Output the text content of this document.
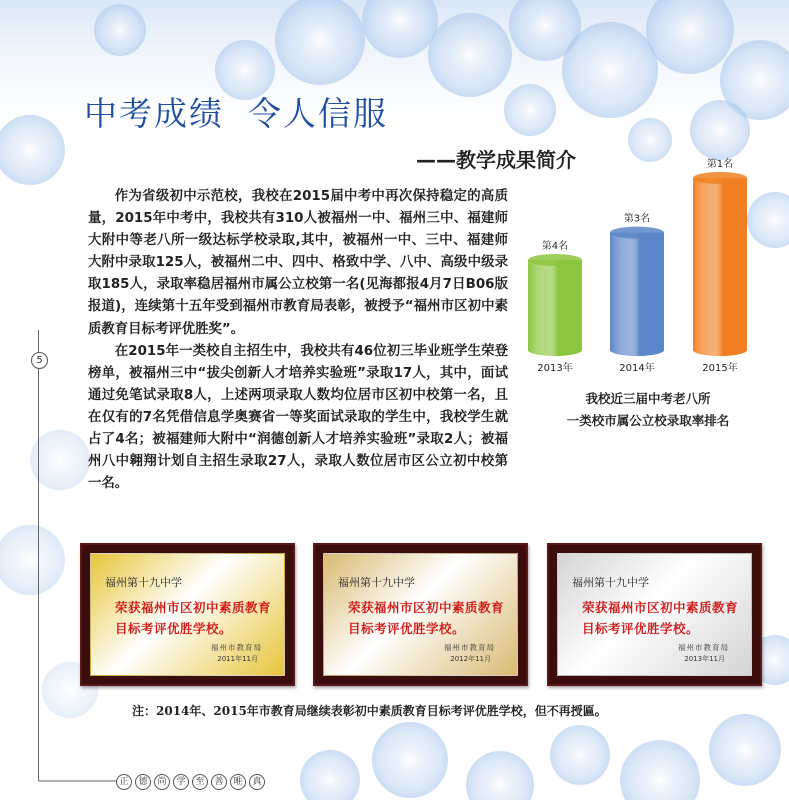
中考成绩 令人信服
——教学成果简介

作为省级初中示范校，我校在2015届中考中再次保持稳定的高质量，2015年中考中，我校共有310人被福州一中、福州三中、福建师大附中等老八所一级达标学校录取,其中，被福州一中、三中、福建师大附中录取125人，被福州二中、四中、格致中学、八中、高级中级录取185人，录取率稳居福州市属公立校第一名(见海都报4月7日B06版报道)，连续第十五年受到福州市教育局表彰，被授予“福州市区初中素质教育目标考评优胜奖”。

在2015年一类校自主招生中，我校共有46位初三毕业班学生荣登榜单，被福州三中“拔尖创新人才培养实验班”录取17人，其中，面试通过免笔试录取8人，上述两项录取人数均位居市区初中校第一名，且在仅有的7名凭借信息学奥赛省一等奖面试录取的学生中，我校学生就占了4名；被福建师大附中“润德创新人才培养实验班”录取2人；被福州八中翱翔计划自主招生录取27人，录取人数位居市区公立初中校第一名。

5
第4名
2013年
第3名
2014年
第1名
2015年
我校近三届中考老八所
一类校市属公立校录取率排名
福州第十九中学
荣获福州市区初中素质教育目标考评优胜学校。
福州市教育局
2011年11月
福州第十九中学
荣获福州市区初中素质教育目标考评优胜学校。
福州市教育局
2012年11月
福州第十九中学
荣获福州市区初中素质教育目标考评优胜学校。
福州市教育局
2013年11月
注：2014年、2015年市教育局继续表彰初中素质教育目标考评优胜学校，但不再授匾。
正	德	尚	学	至	善	唯	真
